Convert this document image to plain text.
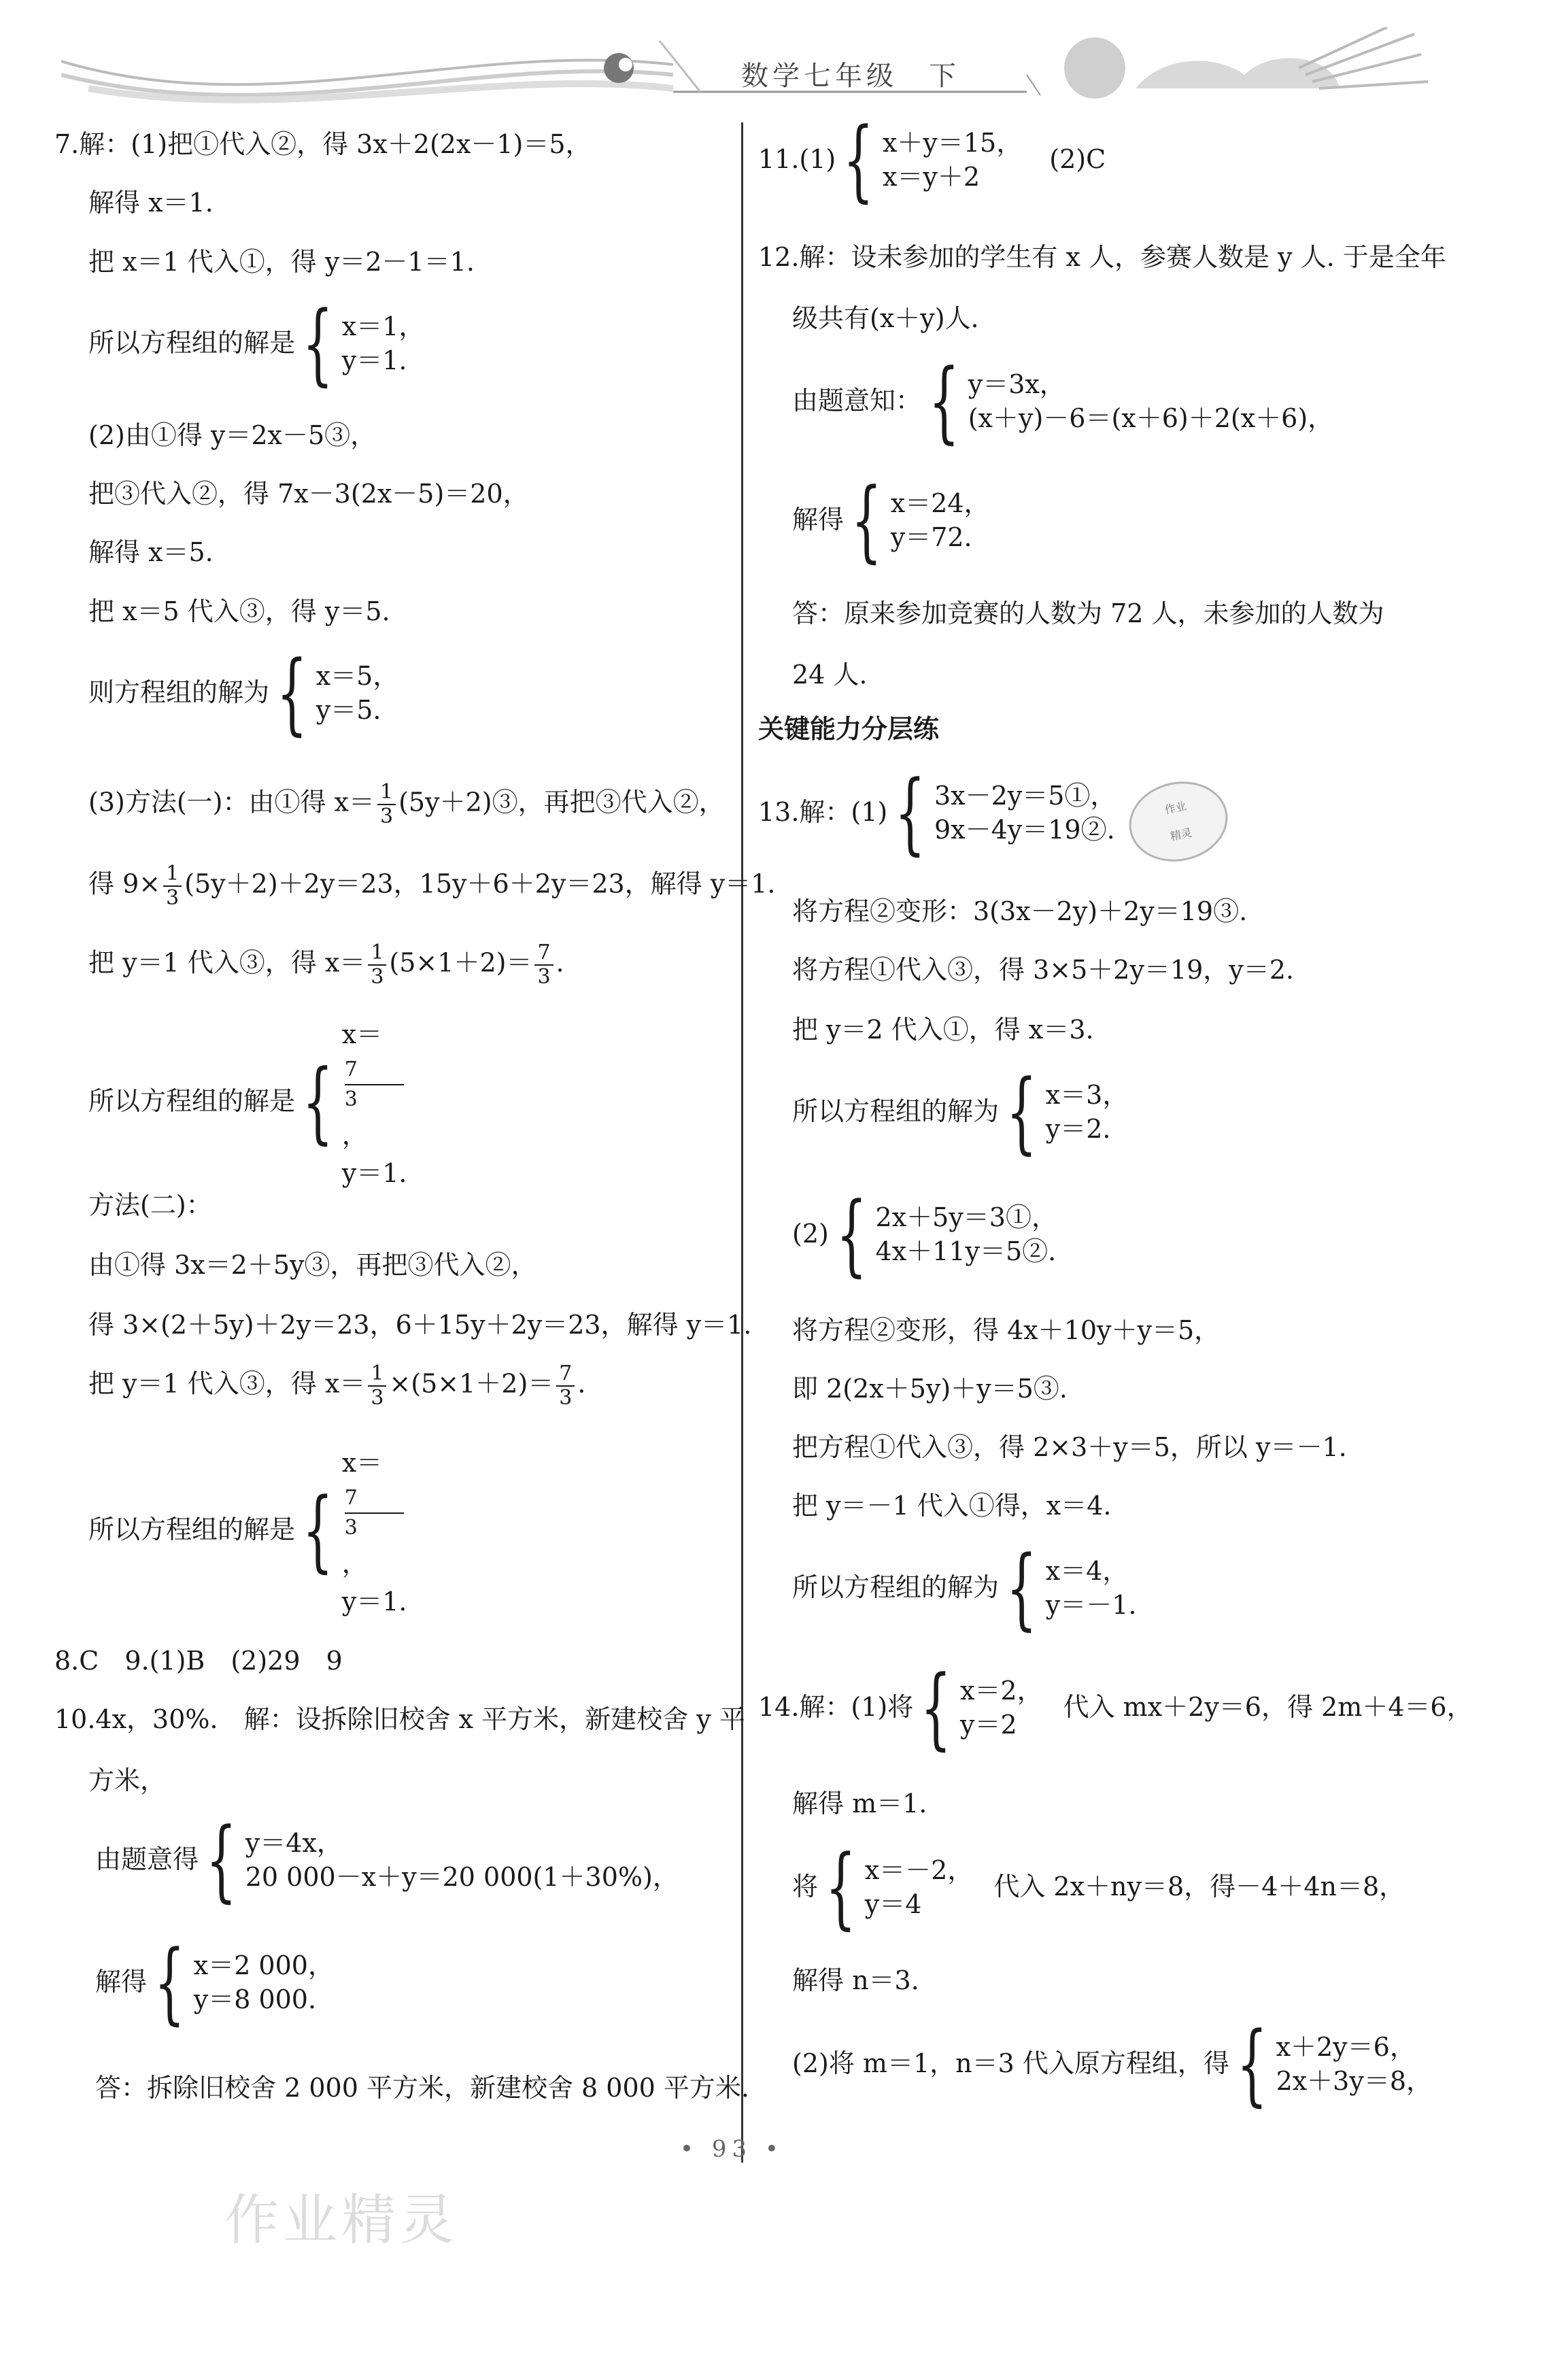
数学七年级　下
7.解：(1)把①代入②，得 3x＋2(2x－1)＝5，
解得 x＝1.
把 x＝1 代入①，得 y＝2－1＝1.
所以方程组的解是 { x＝1，
y＝1.
(2)由①得 y＝2x－5③，
把③代入②，得 7x－3(2x－5)＝20，
解得 x＝5.
把 x＝5 代入③，得 y＝5.
则方程组的解为 { x＝5，
y＝5.
(3)方法(一)：由①得 $x= \frac{1}{3}$ (5y＋2)③，再把③代入②，
得 $9\times \frac{1}{3} (5y+2)+2y=23$，15y＋6＋2y＝23，解得 y＝1.
把 y＝1 代入③，得 $x= \frac{1}{3} (5\times 1+2)= \frac{7}{3}$ .
所以方程组的解是 {
x＝
7
3
，
y＝1.
方法(二)：
由①得 3x＝2＋5y③，再把③代入②，
得 3×(2＋5y)＋2y＝23，6＋15y＋2y＝23，解得 y＝1.
把 y＝1 代入③，得 $x= \frac{1}{3} \times(5\times 1+2)= \frac{7}{3}$ .
所以方程组的解是 {
x＝
7
3
，
y＝1.
8.C　9.(1)B　(2)29　9
10.4x，30%.　解：设拆除旧校舍 x 平方米，新建校舍 y 平
方米，
由题意得 { y＝4x，
20 000－x＋y＝20 000(1＋30%)，
解得 { x＝2 000，
y＝8 000.
答：拆除旧校舍 2 000 平方米，新建校舍 8 000 平方米.
11.(1) { x＋y＝15，
x＝y＋2
(2)C
12.解：设未参加的学生有 x 人，参赛人数是 y 人. 于是全年
级共有(x＋y)人.
由题意知： { y＝3x，
(x＋y)－6＝(x＋6)＋2(x＋6)，
解得 { x＝24，
y＝72.
答：原来参加竞赛的人数为 72 人，未参加的人数为
24 人.
关键能力分层练
13.解：(1) { 3x－2y＝5①，
9x－4y＝19②.
将方程②变形：3(3x－2y)＋2y＝19③.
将方程①代入③，得 3×5＋2y＝19，y＝2.
把 y＝2 代入①，得 x＝3.
所以方程组的解为 { x＝3，
y＝2.
(2) { 2x＋5y＝3①，
4x＋11y＝5②.
将方程②变形，得 4x＋10y＋y＝5，
即 2(2x＋5y)＋y＝5③.
把方程①代入③，得 2×3＋y＝5，所以 y＝－1.
把 y＝－1 代入①得，x＝4.
所以方程组的解为 { x＝4，
y＝－1.
14.解：(1)将 { x＝2，
y＝2
代入 mx＋2y＝6，得 2m＋4＝6，
解得 m＝1.
将 { x＝－2，
y＝4
代入 2x＋ny＝8，得－4＋4n＝8，
解得 n＝3.
(2)将 m＝1，n＝3 代入原方程组，得 { x＋2y＝6，
2x＋3y＝8，
作业
精灵
• 93 •
作业精灵
